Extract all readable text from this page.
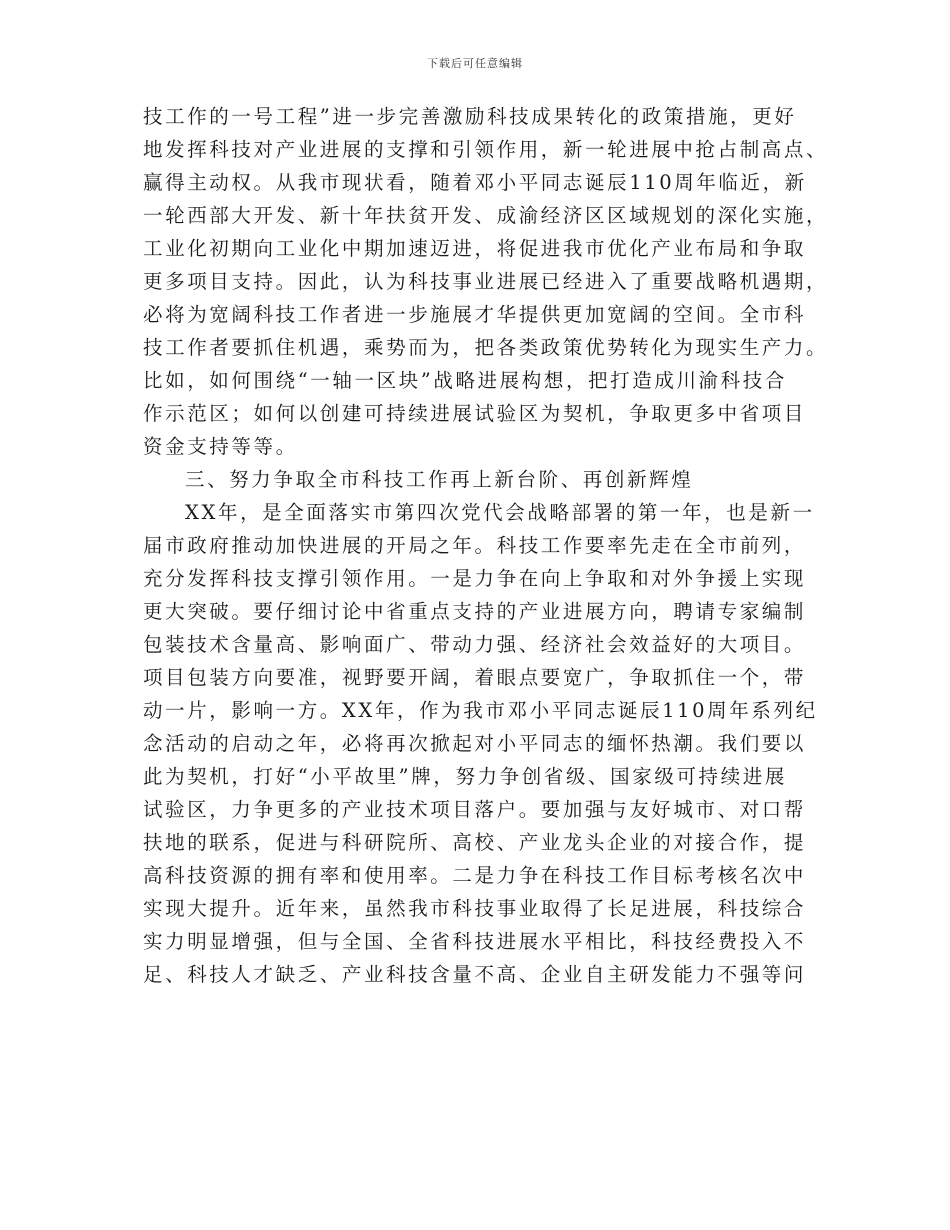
下载后可任意编辑
技工作的一号工程”进一步完善激励科技成果转化的政策措施，更好
地发挥科技对产业进展的支撑和引领作用，新一轮进展中抢占制高点、
赢得主动权。从我市现状看，随着邓小平同志诞辰110周年临近，新
一轮西部大开发、新十年扶贫开发、成渝经济区区域规划的深化实施，
工业化初期向工业化中期加速迈进，将促进我市优化产业布局和争取
更多项目支持。因此，认为科技事业进展已经进入了重要战略机遇期，
必将为宽阔科技工作者进一步施展才华提供更加宽阔的空间。全市科
技工作者要抓住机遇，乘势而为，把各类政策优势转化为现实生产力。
比如，如何围绕“一轴一区块”战略进展构想，把打造成川渝科技合
作示范区；如何以创建可持续进展试验区为契机，争取更多中省项目
资金支持等等。
三、努力争取全市科技工作再上新台阶、再创新辉煌
XX年，是全面落实市第四次党代会战略部署的第一年，也是新一
届市政府推动加快进展的开局之年。科技工作要率先走在全市前列，
充分发挥科技支撑引领作用。一是力争在向上争取和对外争援上实现
更大突破。要仔细讨论中省重点支持的产业进展方向，聘请专家编制
包装技术含量高、影响面广、带动力强、经济社会效益好的大项目。
项目包装方向要准，视野要开阔，着眼点要宽广，争取抓住一个，带
动一片，影响一方。XX年，作为我市邓小平同志诞辰110周年系列纪
念活动的启动之年，必将再次掀起对小平同志的缅怀热潮。我们要以
此为契机，打好“小平故里”牌，努力争创省级、国家级可持续进展
试验区，力争更多的产业技术项目落户。要加强与友好城市、对口帮
扶地的联系，促进与科研院所、高校、产业龙头企业的对接合作，提
高科技资源的拥有率和使用率。二是力争在科技工作目标考核名次中
实现大提升。近年来，虽然我市科技事业取得了长足进展，科技综合
实力明显增强，但与全国、全省科技进展水平相比，科技经费投入不
足、科技人才缺乏、产业科技含量不高、企业自主研发能力不强等问
